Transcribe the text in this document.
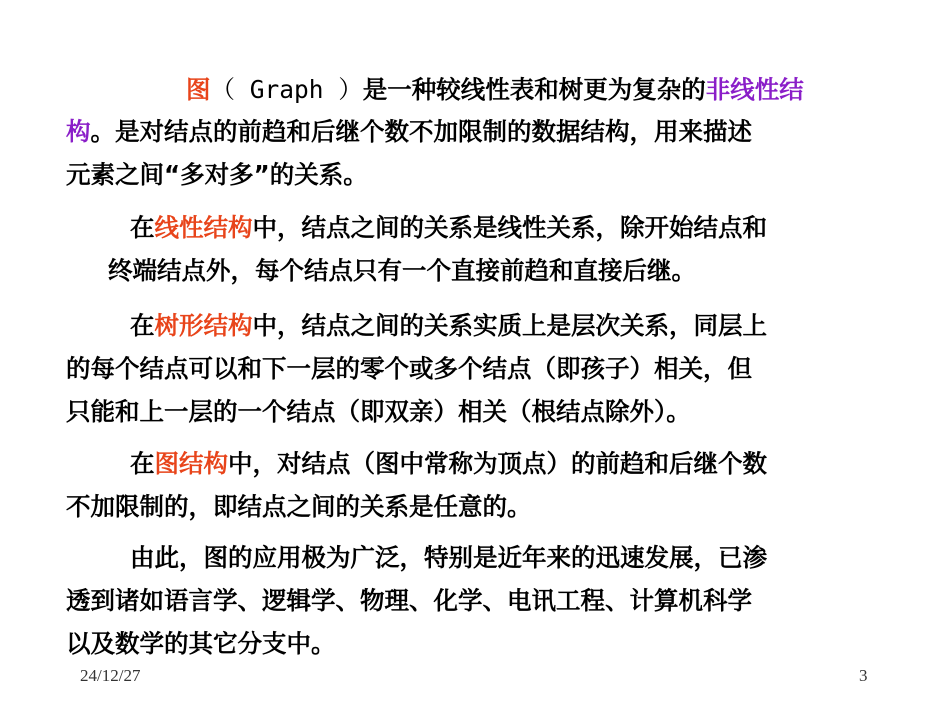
图（ Graph ）是一种较线性表和树更为复杂的非线性结
构。是对结点的前趋和后继个数不加限制的数据结构，用来描述
元素之间“多对多”的关系。
在线性结构中，结点之间的关系是线性关系，除开始结点和
终端结点外，每个结点只有一个直接前趋和直接后继。
在树形结构中，结点之间的关系实质上是层次关系，同层上
的每个结点可以和下一层的零个或多个结点（即孩子）相关，但
只能和上一层的一个结点（即双亲）相关（根结点除外）。
在图结构中，对结点（图中常称为顶点）的前趋和后继个数
不加限制的，即结点之间的关系是任意的。
由此，图的应用极为广泛，特别是近年来的迅速发展，已渗
透到诸如语言学、逻辑学、物理、化学、电讯工程、计算机科学
以及数学的其它分支中。
24/12/27	3
